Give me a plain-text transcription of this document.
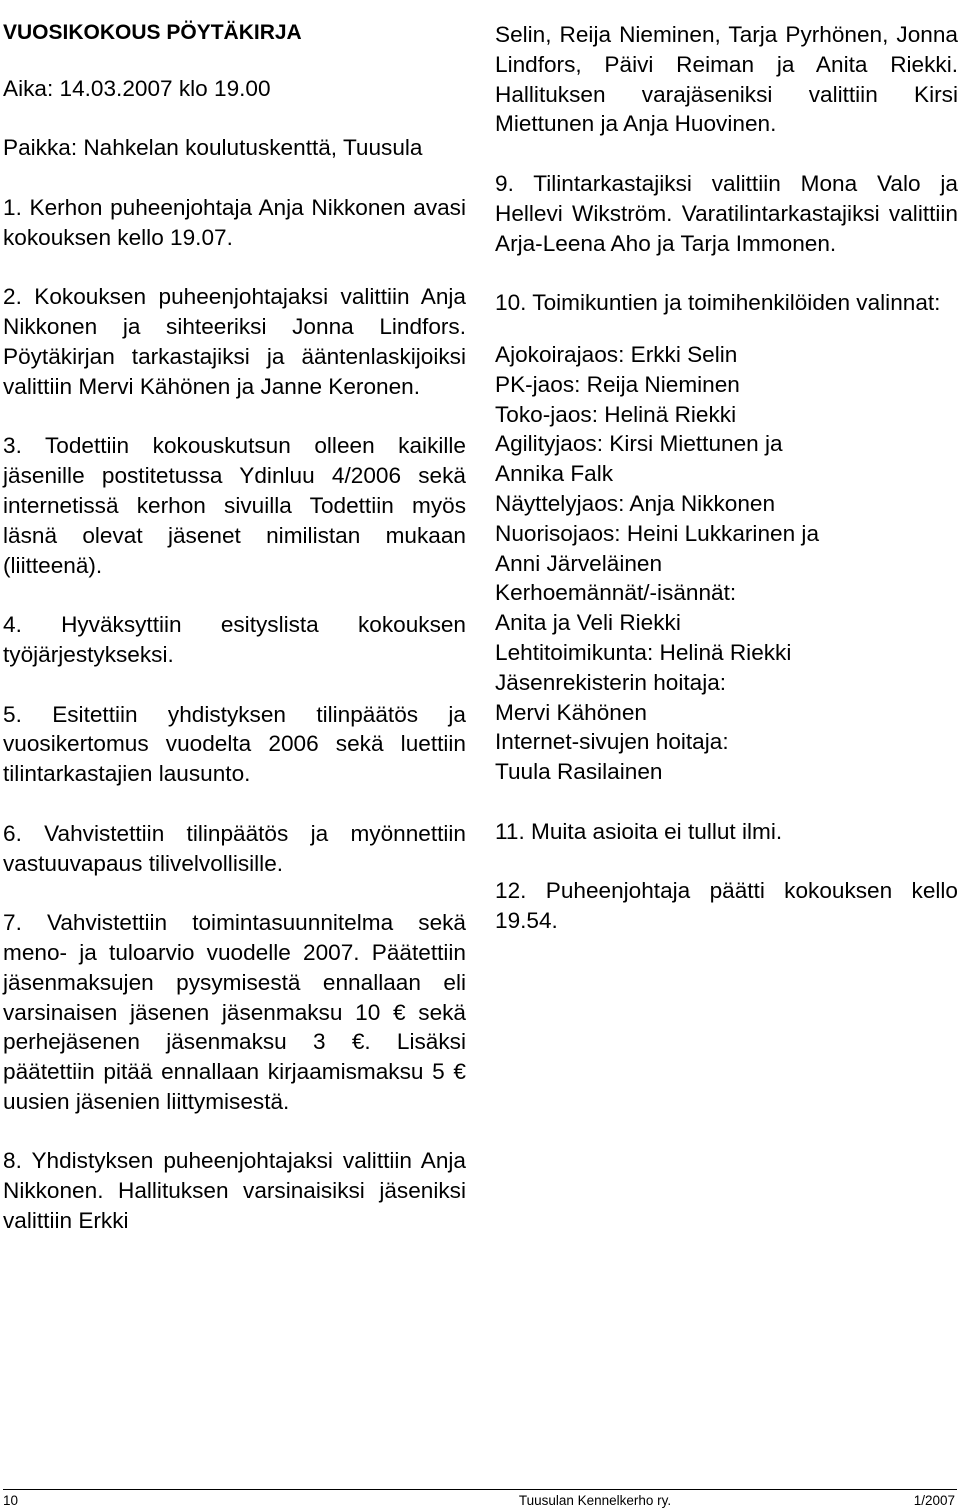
VUOSIKOKOUS PÖYTÄKIRJA

Aika: 14.03.2007 klo 19.00

Paikka: Nahkelan koulutuskenttä, Tuusula

1. Kerhon puheenjohtaja Anja Nikkonen avasi kokouksen kello 19.07.

2. Kokouksen puheenjohtajaksi valittiin Anja Nikkonen ja sihteeriksi Jonna Lindfors. Pöytäkirjan tarkastajiksi ja ääntenlaskijoiksi valittiin Mervi Kähönen ja Janne Keronen.

3. Todettiin kokouskutsun olleen kaikille jäsenille postitetussa Ydinluu 4/2006 sekä internetissä kerhon sivuilla Todettiin myös läsnä olevat jäsenet nimilistan mukaan (liitteenä).

4. Hyväksyttiin esityslista kokouksen työjärjestykseksi.

5. Esitettiin yhdistyksen tilinpäätös ja vuosikertomus vuodelta 2006 sekä luettiin tilintarkastajien lausunto.

6. Vahvistettiin tilinpäätös ja myönnettiin vastuuvapaus tilivelvollisille.

7. Vahvistettiin toimintasuunnitelma sekä meno- ja tuloarvio vuodelle 2007. Päätettiin jäsenmaksujen pysymisestä ennallaan eli varsinaisen jäsenen jäsenmaksu 10 € sekä perhejäsenen jäsenmaksu 3 €. Lisäksi päätettiin pitää ennallaan kirjaamismaksu 5 € uusien jäsenien liittymisestä.

8. Yhdistyksen puheenjohtajaksi valittiin Anja Nikkonen. Hallituksen varsinaisiksi jäseniksi valittiin Erkki

Selin, Reija Nieminen, Tarja Pyrhönen, Jonna Lindfors, Päivi Reiman ja Anita Riekki. Hallituksen varajäseniksi valittiin Kirsi Miettunen ja Anja Huovinen.

9. Tilintarkastajiksi valittiin Mona Valo ja Hellevi Wikström. Varatilintarkastajiksi valittiin Arja-Leena Aho ja Tarja Immonen.

10. Toimikuntien ja toimihenkilöiden valinnat:

Ajokoirajaos: Erkki Selin
PK-jaos: Reija Nieminen
Toko-jaos: Helinä Riekki
Agilityjaos: Kirsi Miettunen ja
Annika Falk
Näyttelyjaos: Anja Nikkonen
Nuorisojaos: Heini Lukkarinen ja
Anni Järveläinen
Kerhoemännät/-isännät:
Anita ja Veli Riekki
Lehtitoimikunta: Helinä Riekki
Jäsenrekisterin hoitaja:
Mervi Kähönen
Internet-sivujen hoitaja:
Tuula Rasilainen

11. Muita asioita ei tullut ilmi.

12. Puheenjohtaja päätti kokouksen kello 19.54.

10	Tuusulan Kennelkerho ry.	1/2007
